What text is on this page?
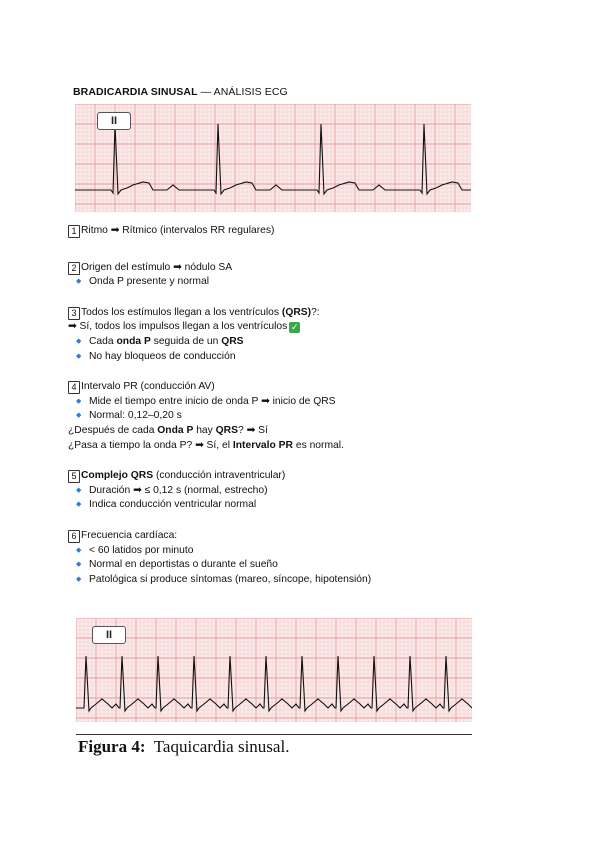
BRADICARDIA SINUSAL — ANÁLISIS ECG
II
1 Ritmo ➡ Rítmico (intervalos RR regulares)
2 Origen del estímulo ➡ nódulo SA
◆ Onda P presente y normal
3 Todos los estímulos llegan a los ventrículos (QRS)?:
➡ Sí, todos los impulsos llegan a los ventrículos ✓
◆ Cada onda P seguida de un QRS
◆ No hay bloqueos de conducción
4 Intervalo PR (conducción AV)
◆ Mide el tiempo entre inicio de onda P ➡ inicio de QRS
◆ Normal: 0,12–0,20 s
¿Después de cada Onda P hay QRS? ➡ Sí
¿Pasa a tiempo la onda P? ➡ Sí, el Intervalo PR es normal.
5 Complejo QRS (conducción intraventricular)
◆ Duración ➡ ≤ 0,12 s (normal, estrecho)
◆ Indica conducción ventricular normal
6 Frecuencia cardíaca:
◆ < 60 latidos por minuto
◆ Normal en deportistas o durante el sueño
◆ Patológica si produce síntomas (mareo, síncope, hipotensión)
II
Figura 4: Taquicardia sinusal.
